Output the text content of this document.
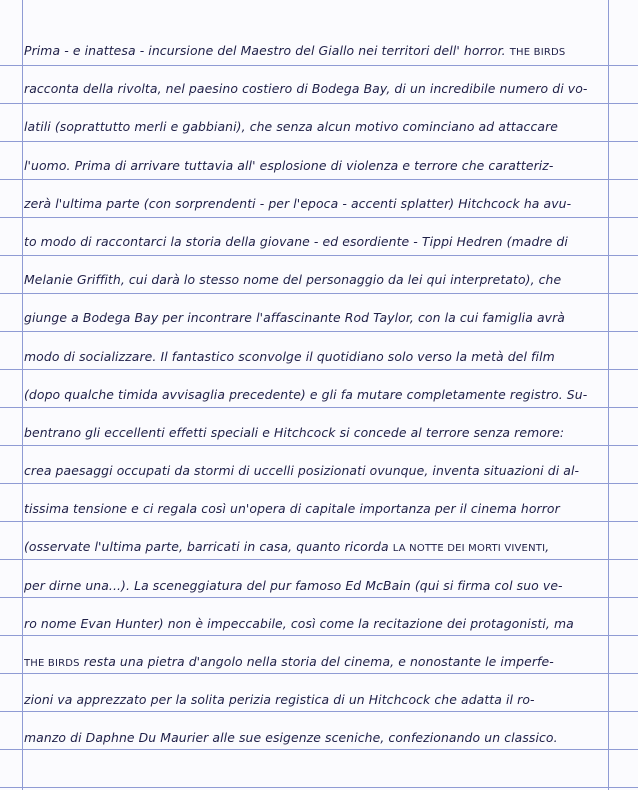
Prima - e inattesa - incursione del Maestro del Giallo nei territori dell' horror. THE BIRDS
racconta della rivolta, nel paesino costiero di Bodega Bay, di un incredibile numero di vo-
latili (soprattutto merli e gabbiani), che senza alcun motivo cominciano ad attaccare
l'uomo. Prima di arrivare tuttavia all' esplosione di violenza e terrore che caratteriz-
zerà l'ultima parte (con sorprendenti - per l'epoca - accenti splatter) Hitchcock ha avu-
to modo di raccontarci la storia della giovane - ed esordiente - Tippi Hedren (madre di
Melanie Griffith, cui darà lo stesso nome del personaggio da lei qui interpretato), che
giunge a Bodega Bay per incontrare l'affascinante Rod Taylor, con la cui famiglia avrà
modo di socializzare. Il fantastico sconvolge il quotidiano solo verso la metà del film
(dopo qualche timida avvisaglia precedente) e gli fa mutare completamente registro. Su-
bentrano gli eccellenti effetti speciali e Hitchcock si concede al terrore senza remore:
crea paesaggi occupati da stormi di uccelli posizionati ovunque, inventa situazioni di al-
tissima tensione e ci regala così un'opera di capitale importanza per il cinema horror
(osservate l'ultima parte, barricati in casa, quanto ricorda LA NOTTE DEI MORTI VIVENTI,
per dirne una...). La sceneggiatura del pur famoso Ed McBain (qui si firma col suo ve-
ro nome Evan Hunter) non è impeccabile, così come la recitazione dei protagonisti, ma
THE BIRDS resta una pietra d'angolo nella storia del cinema, e nonostante le imperfe-
zioni va apprezzato per la solita perizia registica di un Hitchcock che adatta il ro-
manzo di Daphne Du Maurier alle sue esigenze sceniche, confezionando un classico.
